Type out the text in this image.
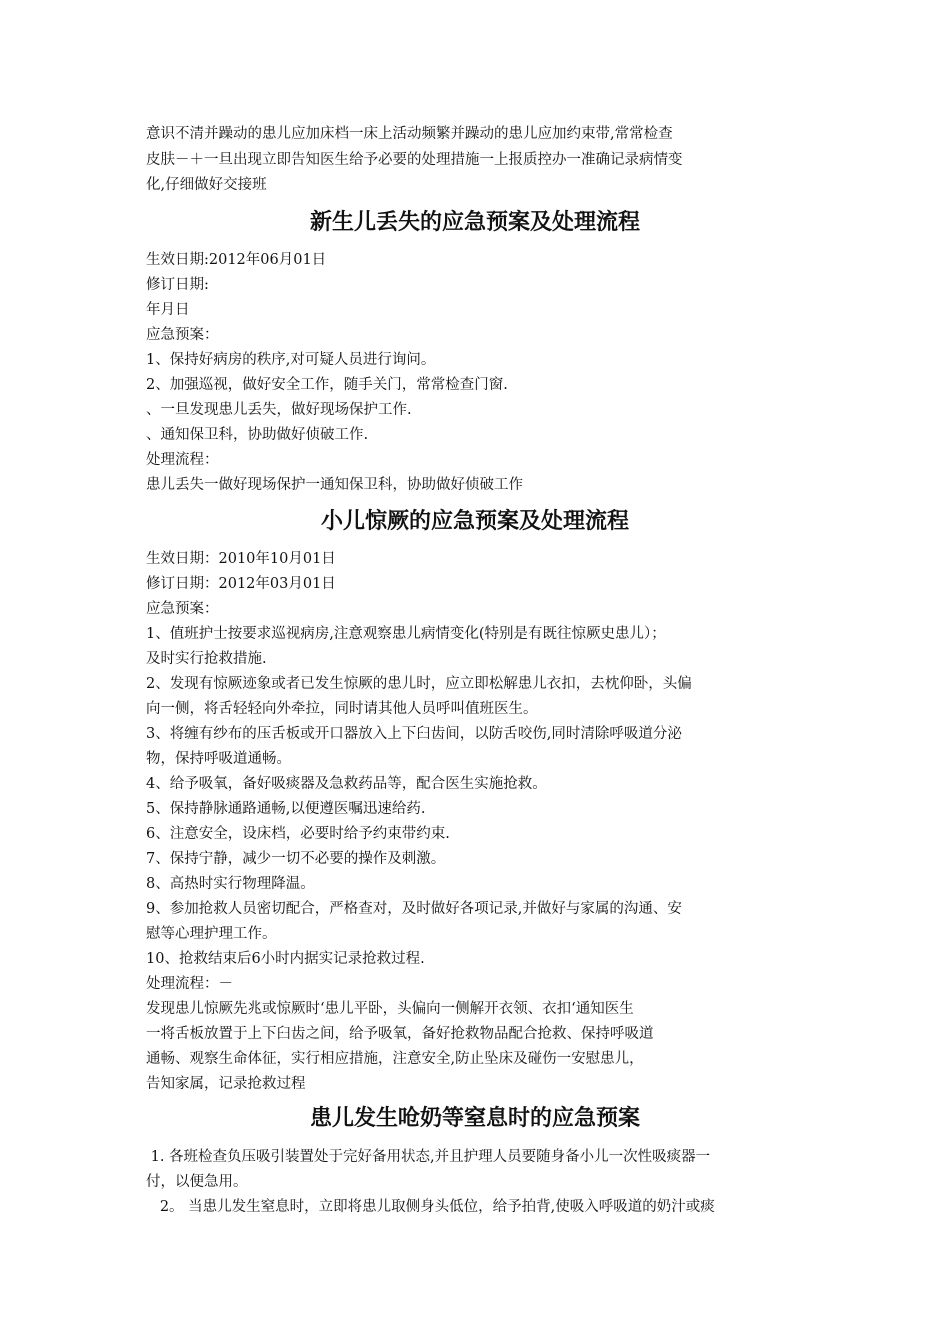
意识不清并躁动的患儿应加床档一床上活动频繁并躁动的患儿应加约束带,常常检查
皮肤－＋一旦出现立即告知医生给予必要的处理措施一上报质控办一准确记录病情变
化,仔细做好交接班
新生儿丢失的应急预案及处理流程
生效日期:2012年06月01日
修订日期:
年月日
应急预案：
1、保持好病房的秩序,对可疑人员进行询问。
2、加强巡视，做好安全工作，随手关门，常常检查门窗.
、一旦发现患儿丢失，做好现场保护工作.
、通知保卫科，协助做好侦破工作.
处理流程：
患儿丢失一做好现场保护一通知保卫科，协助做好侦破工作
小儿惊厥的应急预案及处理流程
生效日期：2010年10月01日
修订日期：2012年03月01日
应急预案：
1、值班护士按要求巡视病房,注意观察患儿病情变化(特别是有既往惊厥史患儿）；
及时实行抢救措施.
2、发现有惊厥迹象或者已发生惊厥的患儿时，应立即松解患儿衣扣，去枕仰卧，头偏
向一侧，将舌轻轻向外牵拉，同时请其他人员呼叫值班医生。
3、将缠有纱布的压舌板或开口器放入上下臼齿间，以防舌咬伤,同时清除呼吸道分泌
物，保持呼吸道通畅。
4、给予吸氧，备好吸痰器及急救药品等，配合医生实施抢救。
5、保持静脉通路通畅,以便遵医嘱迅速给药.
6、注意安全，设床档，必要时给予约束带约束.
7、保持宁静，减少一切不必要的操作及刺激。
8、高热时实行物理降温。
9、参加抢救人员密切配合，严格查对，及时做好各项记录,并做好与家属的沟通、安
慰等心理护理工作。
10、抢救结束后6小时内据实记录抢救过程.
处理流程：－
发现患儿惊厥先兆或惊厥时‘患儿平卧，头偏向一侧解开衣领、衣扣‘通知医生
一将舌板放置于上下臼齿之间，给予吸氧，备好抢救物品配合抢救、保持呼吸道
通畅、观察生命体征，实行相应措施，注意安全,防止坠床及碰伤一安慰患儿，
告知家属，记录抢救过程
患儿发生呛奶等窒息时的应急预案
1. 各班检查负压吸引装置处于完好备用状态,并且护理人员要随身备小儿一次性吸痰器一
付，以便急用。
2。 当患儿发生窒息时，立即将患儿取侧身头低位，给予拍背,使吸入呼吸道的奶汁或痰
